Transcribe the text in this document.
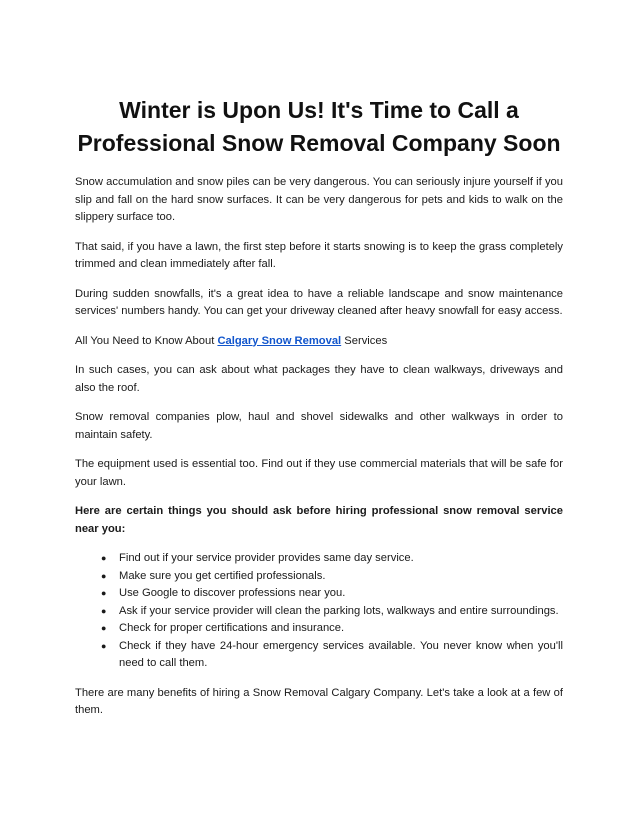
Winter is Upon Us! It's Time to Call a Professional Snow Removal Company Soon

Snow accumulation and snow piles can be very dangerous. You can seriously injure yourself if you slip and fall on the hard snow surfaces. It can be very dangerous for pets and kids to walk on the slippery surface too.

That said, if you have a lawn, the first step before it starts snowing is to keep the grass completely trimmed and clean immediately after fall.

During sudden snowfalls, it's a great idea to have a reliable landscape and snow maintenance services' numbers handy. You can get your driveway cleaned after heavy snowfall for easy access.

All You Need to Know About Calgary Snow Removal Services

In such cases, you can ask about what packages they have to clean walkways, driveways and also the roof.

Snow removal companies plow, haul and shovel sidewalks and other walkways in order to maintain safety.

The equipment used is essential too. Find out if they use commercial materials that will be safe for your lawn.

Here are certain things you should ask before hiring professional snow removal service near you:

● Find out if your service provider provides same day service.
● Make sure you get certified professionals.
● Use Google to discover professions near you.
● Ask if your service provider will clean the parking lots, walkways and entire surroundings.
● Check for proper certifications and insurance.
● Check if they have 24-hour emergency services available. You never know when you'll need to call them.

There are many benefits of hiring a Snow Removal Calgary Company. Let's take a look at a few of them.
